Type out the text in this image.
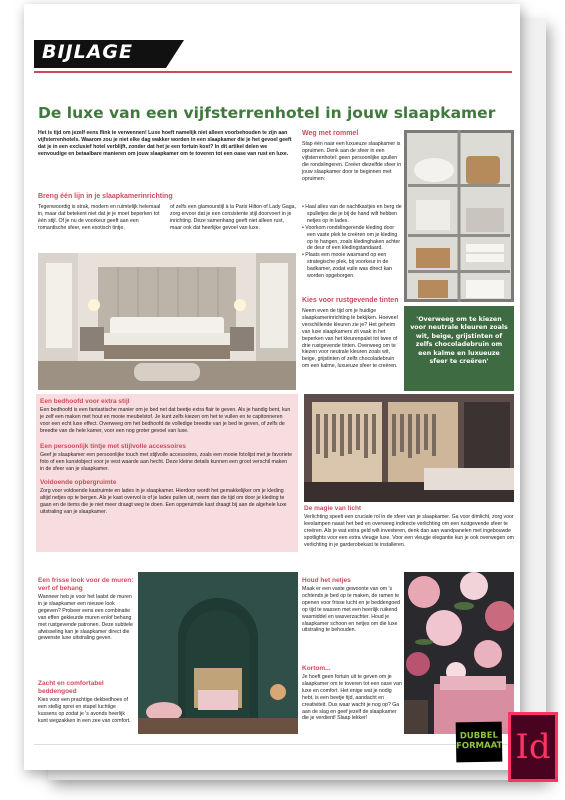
BIJLAGE
De luxe van een vijfsterrenhotel in jouw slaapkamer
Het is tijd om jezelf eens flink te verwennen! Luxe hoeft namelijk niet alleen voorbehouden te zijn aan vijfsterrenhotels. Waarom zou je niet elke dag wakker worden in een slaapkamer die je het gevoel geeft dat je in een exclusief hotel verblijft, zonder dat het je een fortuin kost? In dit artikel delen we eenvoudige en betaalbare manieren om jouw slaapkamer om te toveren tot een oase van rust en luxe.
Breng één lijn in je slaapkamerinrichting
Tegenwoordig is strak, modern en ruimtelijk helemaal in, maar dat betekent niet dat je je moet beperken tot één stijl. Of je nu de voorkeur geeft aan een romantische sfeer, een exotisch tintje,
of zelfs een glamourstijl à la Paris Hilton of Lady Gaga, zorg ervoor dat je een consistente stijl doorvoert in je inrichting. Deze samenhang geeft niet alleen rust, maar ook dat heerlijke gevoel van luxe.
Weg met rommel
Stap één naar een luxueuze slaapkamer is opruimen. Denk aan de sfeer in een vijfsterrenhotel: geen persoonlijke spullen die rondslingeren. Creëer diezelfde sfeer in jouw slaapkamer door te beginnen met opruimen:
• Haal alles van de nachtkastjes en berg de spulletjes die je bij de hand wilt hebben netjes op in lades.
• Voorkom rondslingerende kleding door een vaste plek te creëren om je kleding op te hangen, zoals kledinghaken achter de deur of een kledingstandaard.
• Plaats een mooie wasmand op een strategische plek, bij voorkeur in de badkamer, zodat vuile was direct kan worden opgeborgen.
Kies voor rustgevende tinten
Neem even de tijd om je huidige slaapkamerinrichting te bekijken. Hoeveel verschillende kleuren zie je? Het geheim van luxe slaapkamers zit vaak in het beperken van het kleurenpalet tot twee of drie rustgevende tinten. Overweeg om te kiezen voor neutrale kleuren zoals wit, beige, grijstinten of zelfs chocoladebruin om een kalme, luxueuze sfeer te creëren.
'Overweeg om te kiezen voor neutrale kleuren zoals wit, beige, grijstinten of zelfs chocoladebruin om een kalme en luxueuze sfeer te creëren'
Een bedhoofd voor extra stijl
Een bedhoofd is een fantastische manier om je bed net dat beetje extra flair te geven. Als je handig bent, kun je zelf een maken met hout en mooie meubelstof. Je kunt zelfs kiezen om het te vullen en te capitonneren voor een echt luxe effect. Overweeg om het bedhoofd de volledige breedte van je bed te geven, of zelfs de breedte van de hele kamer, voor een nog groter gevoel van luxe.
Een persoonlijk tintje met stijlvolle accessoires
Geef je slaapkamer een persoonlijke touch met stijlvolle accessoires, zoals een mooie fotolijst met je favoriete foto of een kunstobject voor je vest waarde aan hecht. Deze kleine details kunnen een groot verschil maken in de sfeer van je slaapkamer.
Voldoende opbergruimte
Zorg voor voldoende kastruimte en lades in je slaapkamer. Hierdoor wordt het gemakkelijker om je kleding altijd netjes op te bergen. Als je kast overvol is of je lades puilen uit, neem dan de tijd om door je kleding te gaan en de items die je niet meer draagt weg te doen. Een opgeruimde kast draagt bij aan de algehele luxe uitstraling van je slaapkamer.	De magie van licht
Verlichting speelt een cruciale rol in de sfeer van je slaapkamer. Ga voor dimlicht, zorg voor leeslampen naast het bed en overweeg indirecte verlichting om een rustgevende sfeer te creëren. Als je wat extra geld wilt investeren, denk dan aan wandpanelen met ingebouwde spotlights voor een extra vleugje luxe. Voor een vleugje elegantie kun je ook overwegen om verlichting in je garderobekast te installeren.
Een frisse look voor de muren: verf of behang
Wanneer heb je voor het laatst de muren in je slaapkamer een nieuwe look gegeven? Probeer eens een combinatie van effen gekleurde muren en/of behang met rustgevende patronen. Deze subtiele afwisseling kan je slaapkamer direct die gewenste luxe uitstraling geven.
Zacht en comfortabel beddengoed
Kies voor een prachtige dekbedhoes of een stellig sprei en stapel luchtige kussens op zodat je 's avonds heerlijk kunt wegzakken in een zee van comfort.
Houd het netjes
Maak er een vaste gewoonte van om 's ochtends je bed op te maken, de ramen te openen voor frisse lucht en je beddengoed op tijd te wassen met een heerlijk ruikend wasmiddel en wasverzachter. Houd je slaapkamer schoon en netjes om die luxe uitstraling te behouden.
Kortom...
Je hoeft geen fortuin uit te geven om je slaapkamer om te toveren tot een oase van luxe en comfort. Het enige wat je nodig hebt, is een beetje tijd, aandacht en creativiteit. Dus waar wacht je nog op? Ga aan de slag en geef jezelf de slaapkamer die je verdient! Slaap lekker!
DUBBEL
FORMAAT Id
